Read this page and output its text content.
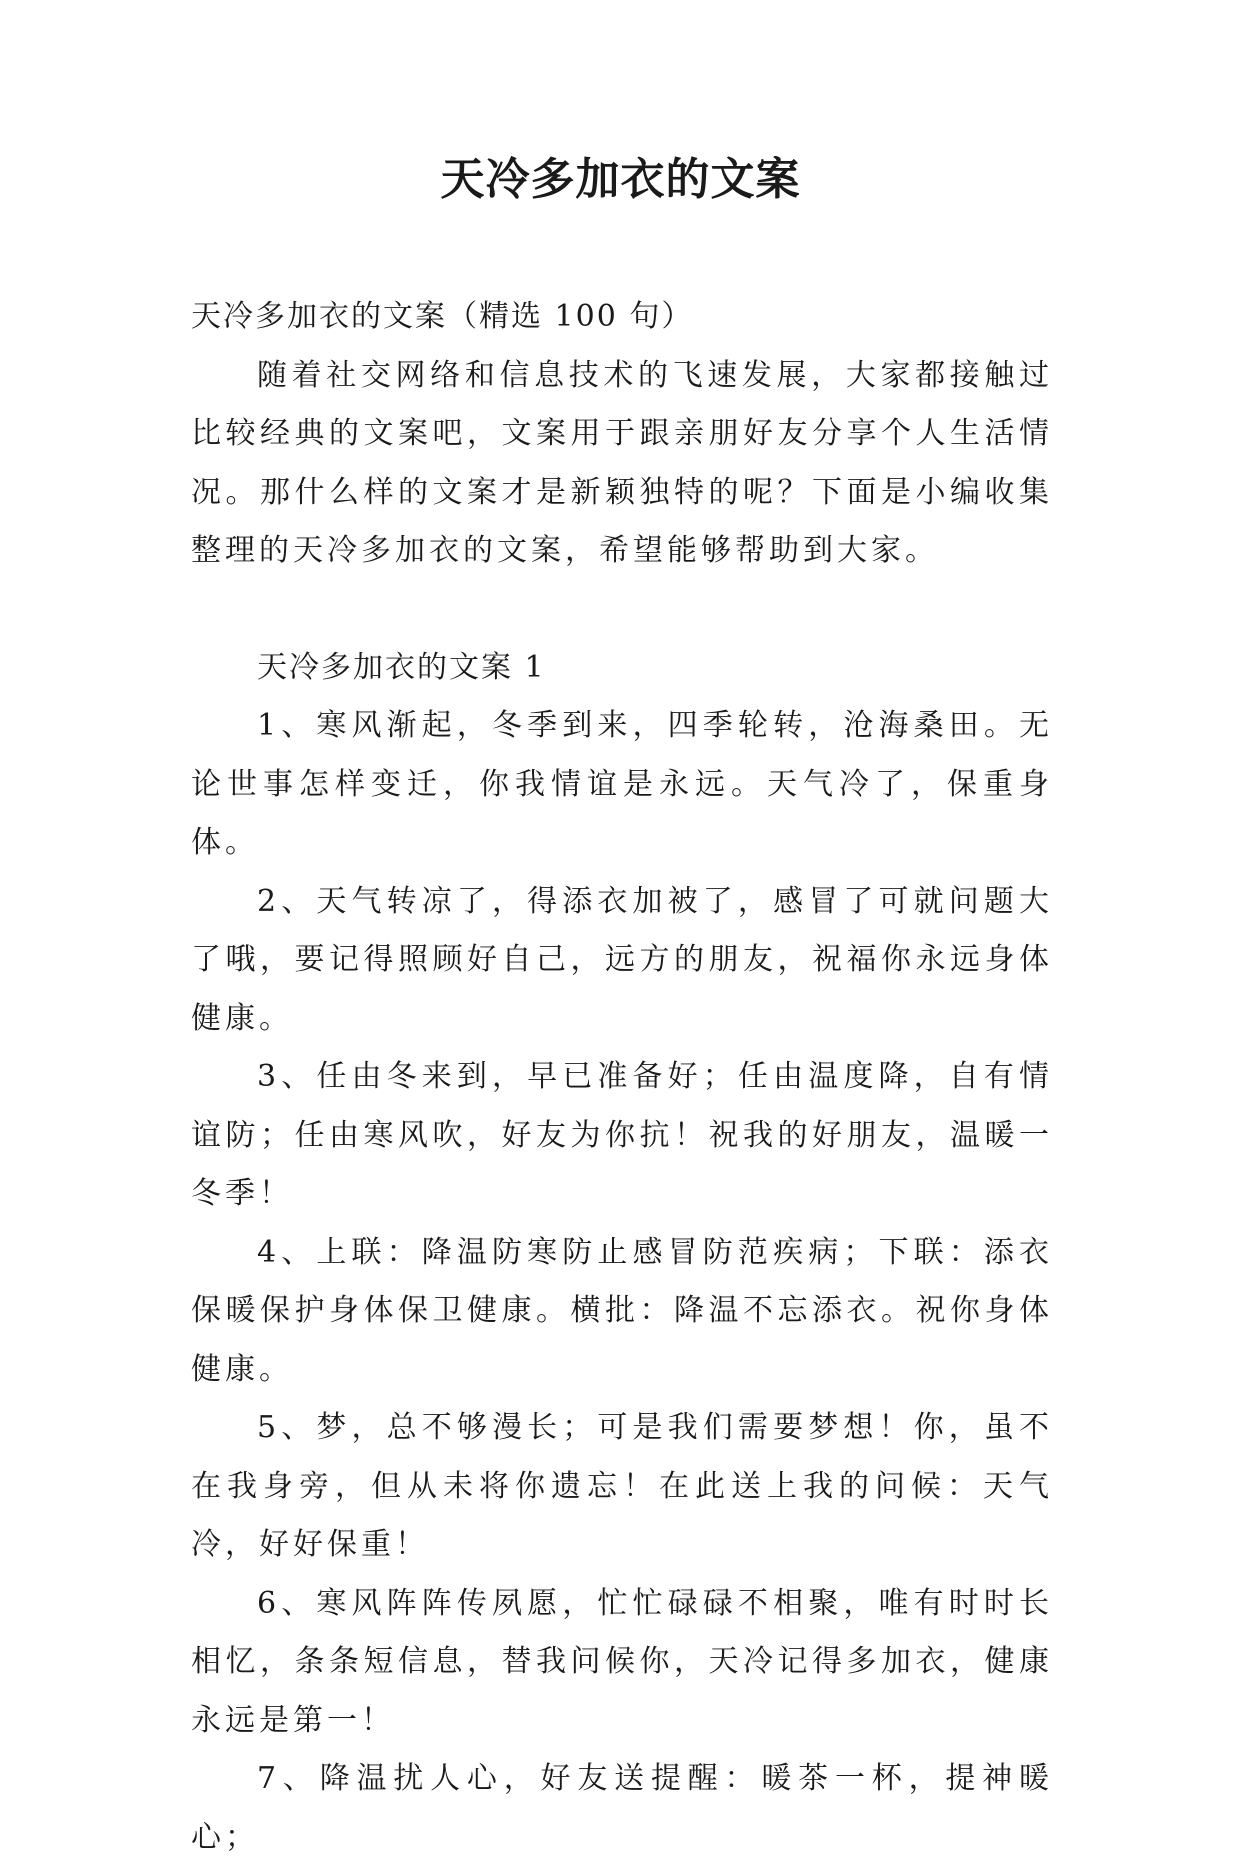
天冷多加衣的文案

天冷多加衣的文案（精选 100 句）

随着社交网络和信息技术的飞速发展，大家都接触过比较经典的文案吧，文案用于跟亲朋好友分享个人生活情况。那什么样的文案才是新颖独特的呢？下面是小编收集整理的天冷多加衣的文案，希望能够帮助到大家。

天冷多加衣的文案 1

1、寒风渐起，冬季到来，四季轮转，沧海桑田。无论世事怎样变迁，你我情谊是永远。天气冷了，保重身体。

2、天气转凉了，得添衣加被了，感冒了可就问题大了哦，要记得照顾好自己，远方的朋友，祝福你永远身体健康。

3、任由冬来到，早已准备好；任由温度降，自有情谊防；任由寒风吹，好友为你抗！祝我的好朋友，温暖一冬季！

4、上联：降温防寒防止感冒防范疾病；下联：添衣保暖保护身体保卫健康。横批：降温不忘添衣。祝你身体健康。

5、梦，总不够漫长；可是我们需要梦想！你，虽不在我身旁，但从未将你遗忘！在此送上我的问候：天气冷，好好保重！

6、寒风阵阵传夙愿，忙忙碌碌不相聚，唯有时时长相忆，条条短信息，替我问候你，天冷记得多加衣，健康永远是第一！

7、降温扰人心，好友送提醒：暖茶一杯，提神暖心；
